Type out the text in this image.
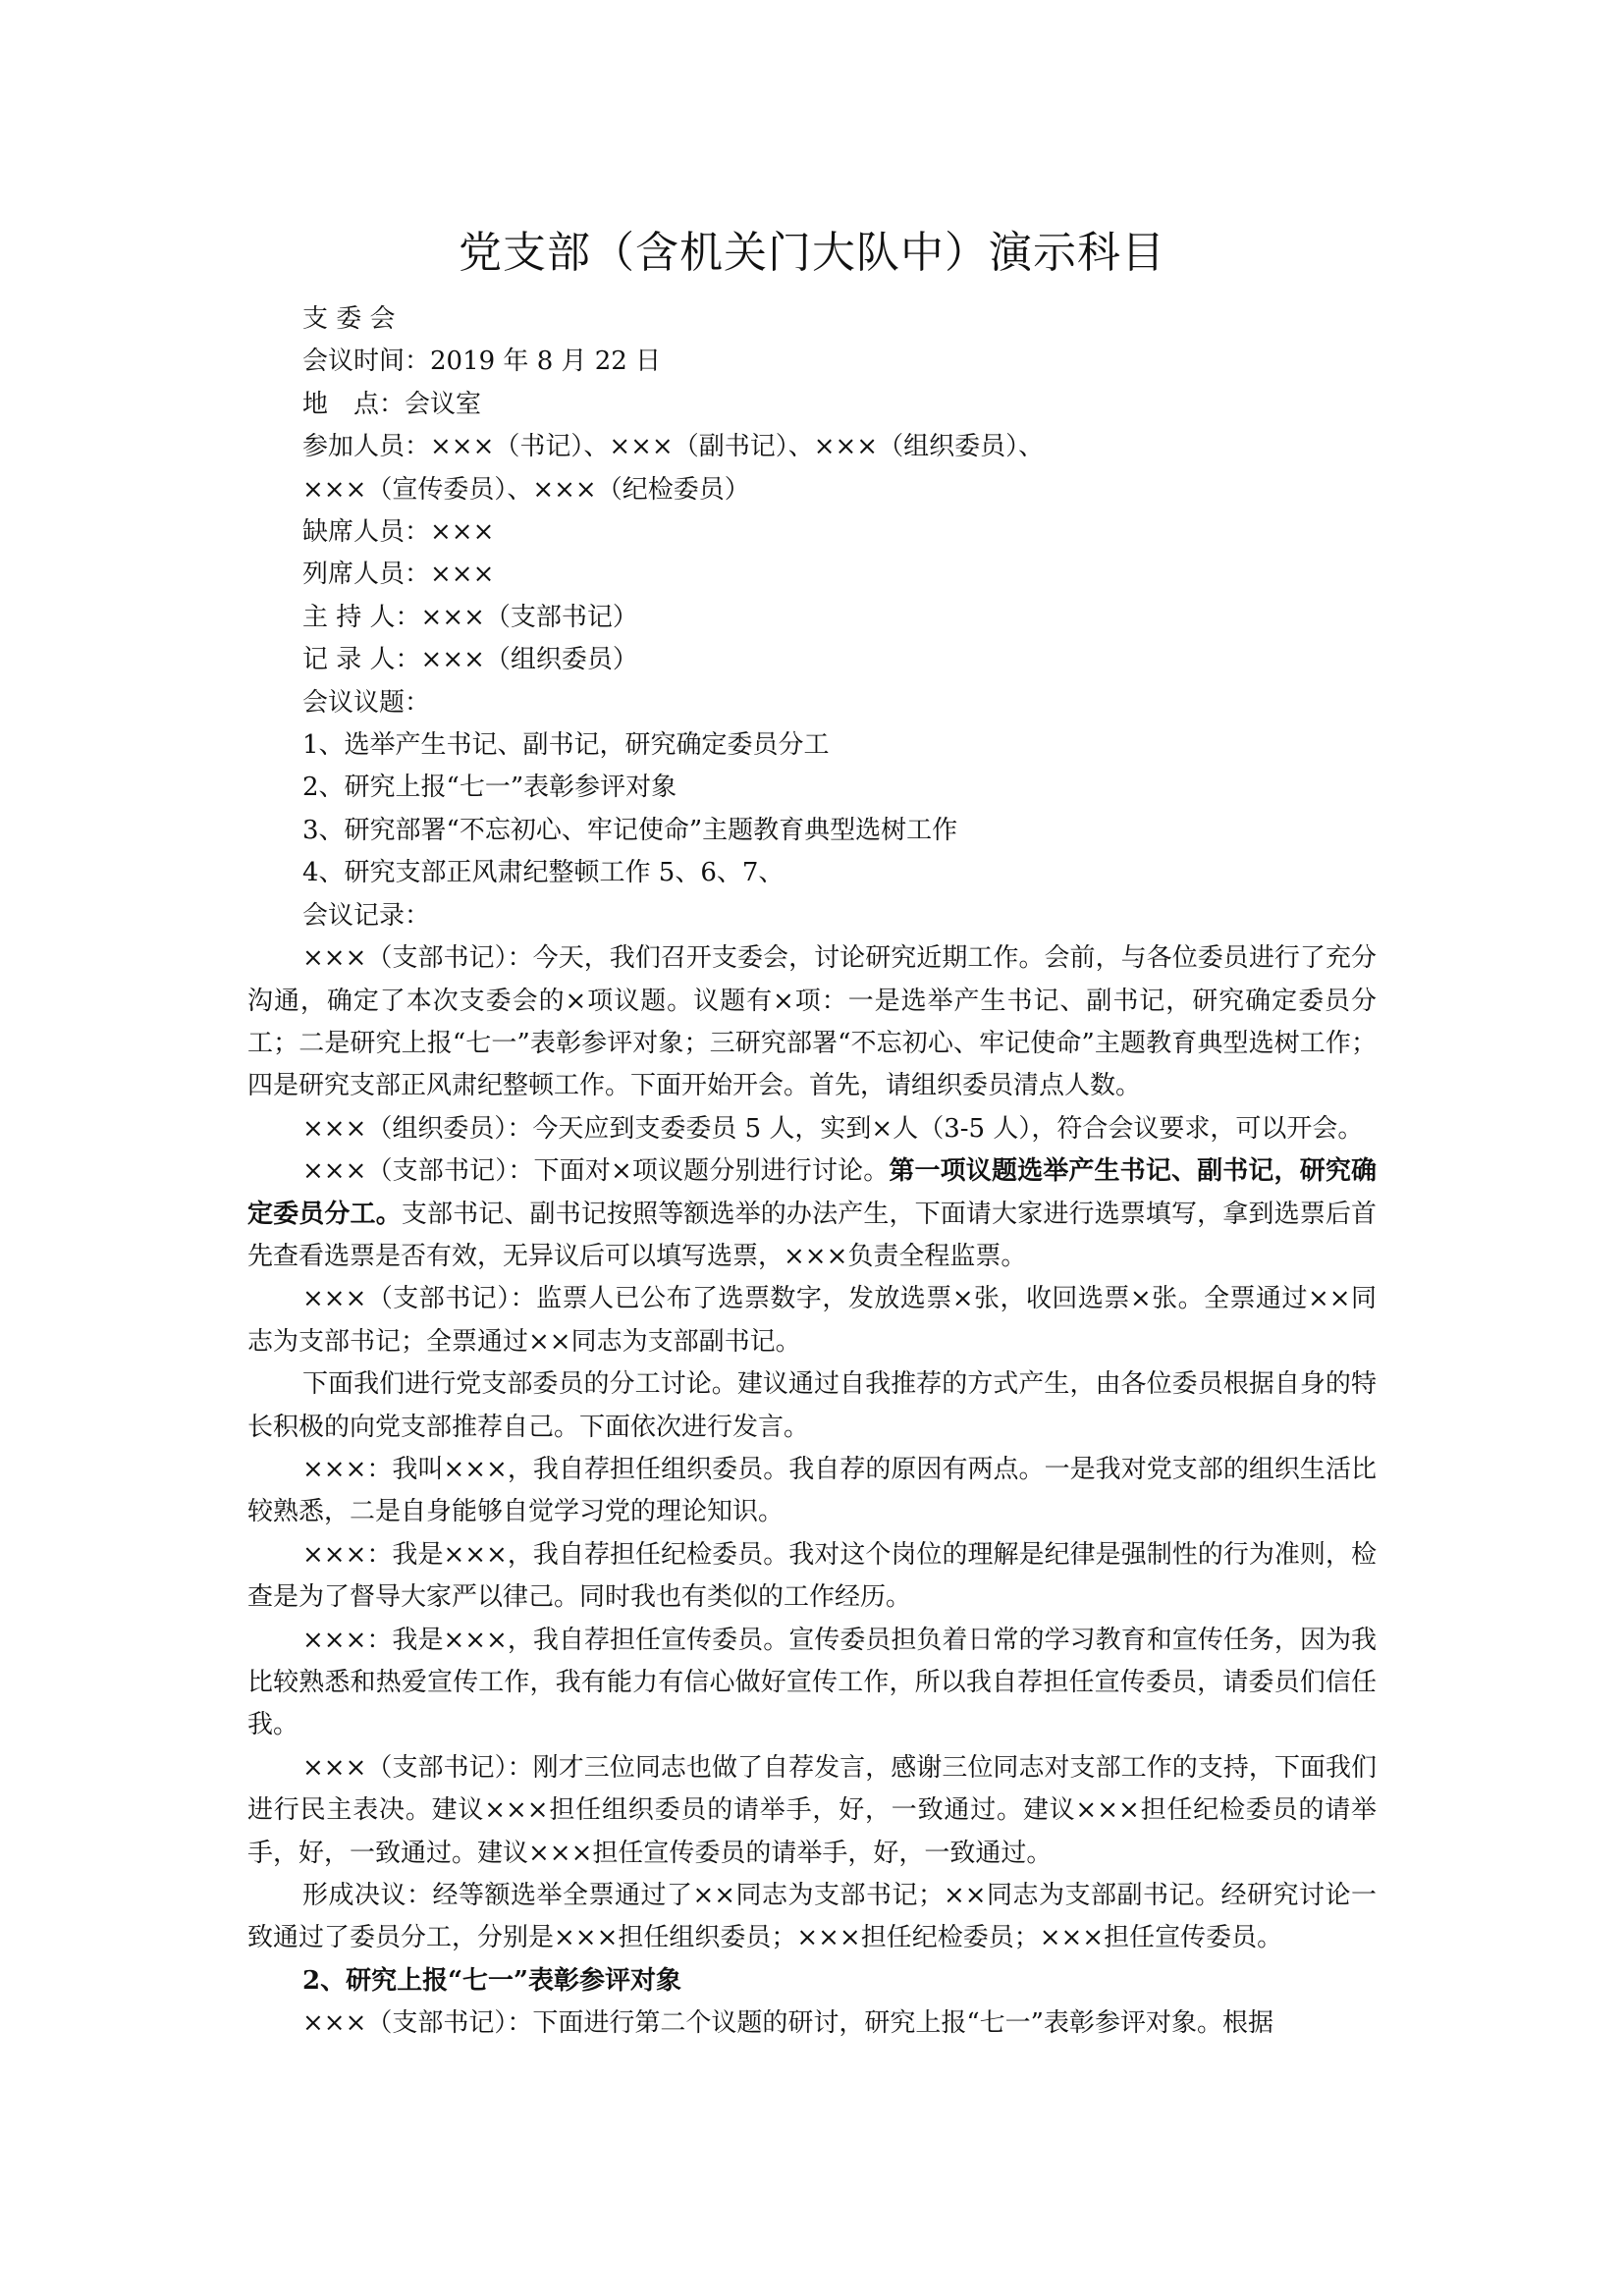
党支部（含机关门大队中）演示科目

支 委 会

会议时间：2019 年 8 月 22 日

地　点：会议室

参加人员：×××（书记）、×××（副书记）、×××（组织委员）、

×××（宣传委员）、×××（纪检委员）

缺席人员：×××

列席人员：×××

主 持 人：×××（支部书记）

记 录 人：×××（组织委员）

会议议题：

1、选举产生书记、副书记，研究确定委员分工

2、研究上报“七一”表彰参评对象

3、研究部署“不忘初心、牢记使命”主题教育典型选树工作

4、研究支部正风肃纪整顿工作 5、6、7、

会议记录：

×××（支部书记）：今天，我们召开支委会，讨论研究近期工作。会前，与各位委员进行了充分沟通，确定了本次支委会的×项议题。议题有×项：一是选举产生书记、副书记，研究确定委员分工；二是研究上报“七一”表彰参评对象；三研究部署“不忘初心、牢记使命”主题教育典型选树工作；四是研究支部正风肃纪整顿工作。下面开始开会。首先，请组织委员清点人数。

×××（组织委员）：今天应到支委委员 5 人，实到×人（3-5 人），符合会议要求，可以开会。

×××（支部书记）：下面对×项议题分别进行讨论。第一项议题选举产生书记、副书记，研究确定委员分工。支部书记、副书记按照等额选举的办法产生，下面请大家进行选票填写，拿到选票后首先查看选票是否有效，无异议后可以填写选票，×××负责全程监票。

×××（支部书记）：监票人已公布了选票数字，发放选票×张，收回选票×张。全票通过××同志为支部书记；全票通过××同志为支部副书记。

下面我们进行党支部委员的分工讨论。建议通过自我推荐的方式产生，由各位委员根据自身的特长积极的向党支部推荐自己。下面依次进行发言。

×××：我叫×××，我自荐担任组织委员。我自荐的原因有两点。一是我对党支部的组织生活比较熟悉，二是自身能够自觉学习党的理论知识。

×××：我是×××，我自荐担任纪检委员。我对这个岗位的理解是纪律是强制性的行为准则，检查是为了督导大家严以律己。同时我也有类似的工作经历。

×××：我是×××，我自荐担任宣传委员。宣传委员担负着日常的学习教育和宣传任务，因为我比较熟悉和热爱宣传工作，我有能力有信心做好宣传工作，所以我自荐担任宣传委员，请委员们信任我。

×××（支部书记）：刚才三位同志也做了自荐发言，感谢三位同志对支部工作的支持，下面我们进行民主表决。建议×××担任组织委员的请举手，好，一致通过。建议×××担任纪检委员的请举手，好，一致通过。建议×××担任宣传委员的请举手，好，一致通过。

形成决议：经等额选举全票通过了××同志为支部书记；××同志为支部副书记。经研究讨论一致通过了委员分工，分别是×××担任组织委员；×××担任纪检委员；×××担任宣传委员。

2、研究上报“七一”表彰参评对象

×××（支部书记）：下面进行第二个议题的研讨，研究上报“七一”表彰参评对象。根据
